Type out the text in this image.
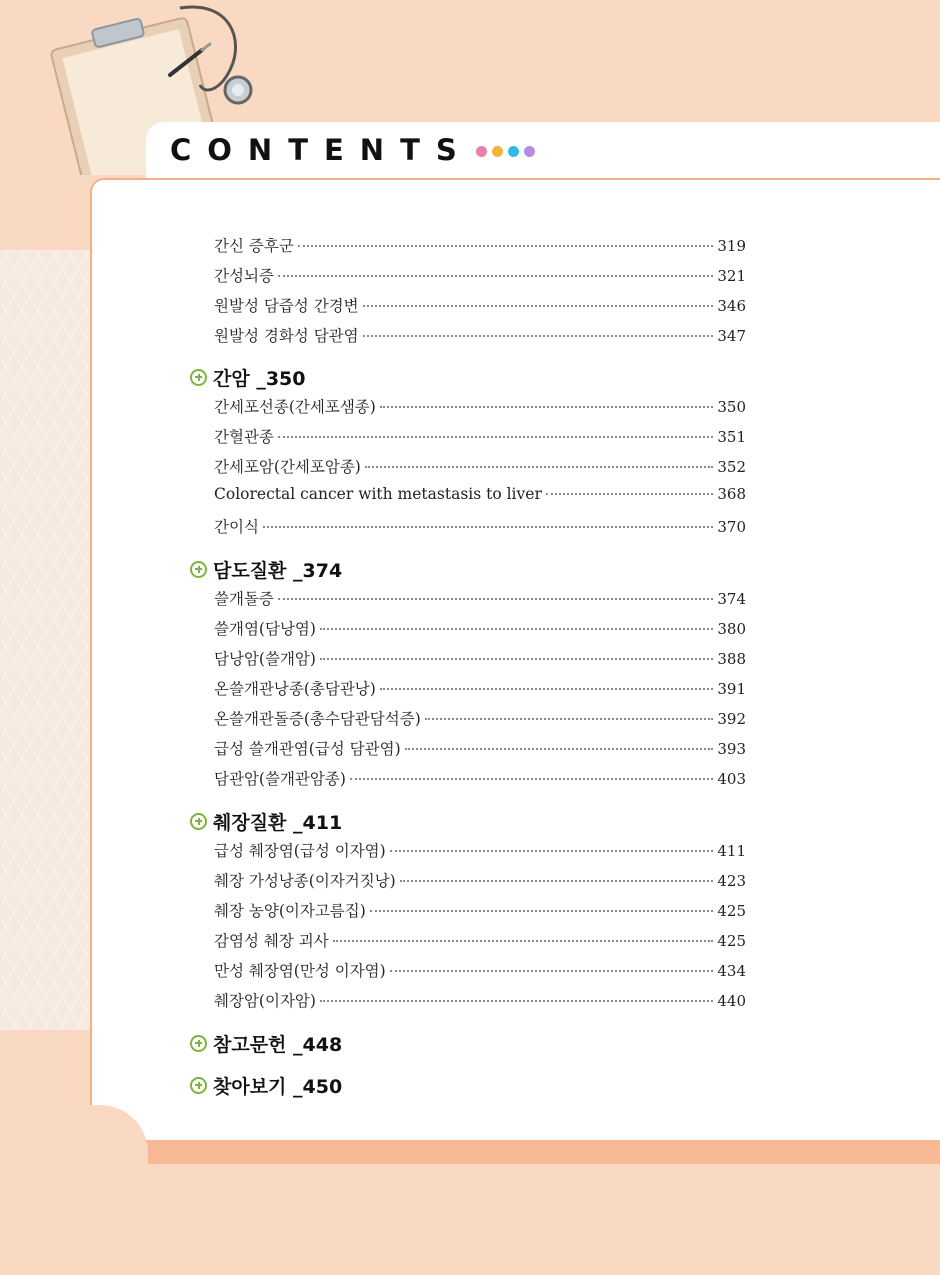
CONTENTS
간신 증후군	319
간성뇌증	321
원발성 담즙성 간경변	346
원발성 경화성 담관염	347
간암 _350
간세포선종(간세포샘종)	350
간혈관종	351
간세포암(간세포암종)	352
Colorectal cancer with metastasis to liver	368
간이식	370
담도질환 _374
쓸개돌증	374
쓸개염(담낭염)	380
담낭암(쓸개암)	388
온쓸개관낭종(총담관낭)	391
온쓸개관돌증(총수담관담석증)	392
급성 쓸개관염(급성 담관염)	393
담관암(쓸개관암종)	403
췌장질환 _411
급성 췌장염(급성 이자염)	411
췌장 가성낭종(이자거짓낭)	423
췌장 농양(이자고름집)	425
감염성 췌장 괴사	425
만성 췌장염(만성 이자염)	434
췌장암(이자암)	440
참고문헌 _448
찾아보기 _450
